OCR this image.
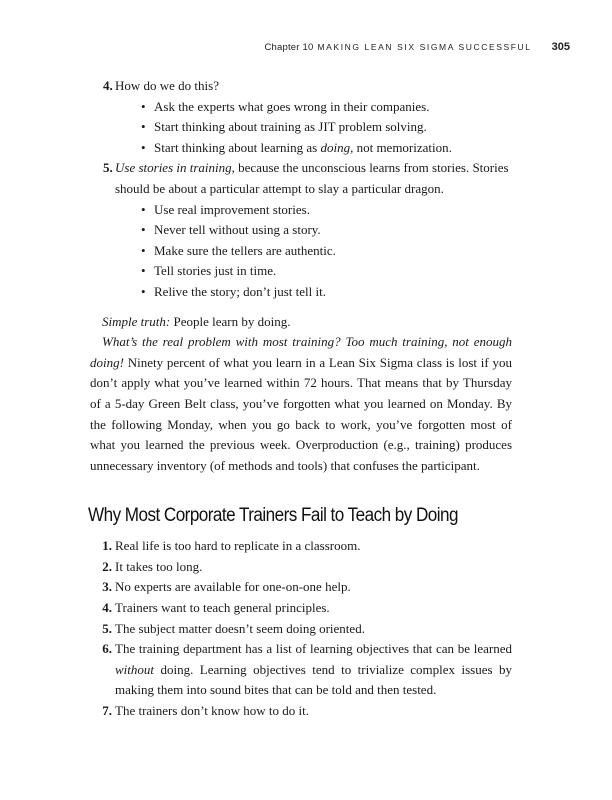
Chapter 10 MAKING LEAN SIX SIGMA SUCCESSFUL 305
4. How do we do this?
• Ask the experts what goes wrong in their companies.
• Start thinking about training as JIT problem solving.
• Start thinking about learning as doing, not memorization.
5. Use stories in training, because the unconscious learns from stories. Stories should be about a particular attempt to slay a particular dragon.
• Use real improvement stories.
• Never tell without using a story.
• Make sure the tellers are authentic.
• Tell stories just in time.
• Relive the story; don’t just tell it.

Simple truth: People learn by doing.

What’s the real problem with most training? Too much training, not enough doing! Ninety percent of what you learn in a Lean Six Sigma class is lost if you don’t apply what you’ve learned within 72 hours. That means that by Thursday of a 5-day Green Belt class, you’ve forgotten what you learned on Monday. By the following Monday, when you go back to work, you’ve forgotten most of what you learned the previous week. Overproduction (e.g., training) produces unnecessary inventory (of methods and tools) that confuses the participant.

Why Most Corporate Trainers Fail to Teach by Doing
1. Real life is too hard to replicate in a classroom.
2. It takes too long.
3. No experts are available for one-on-one help.
4. Trainers want to teach general principles.
5. The subject matter doesn’t seem doing oriented.
6. The training department has a list of learning objectives that can be learned without doing. Learning objectives tend to trivialize complex issues by making them into sound bites that can be told and then tested.
7. The trainers don’t know how to do it.
